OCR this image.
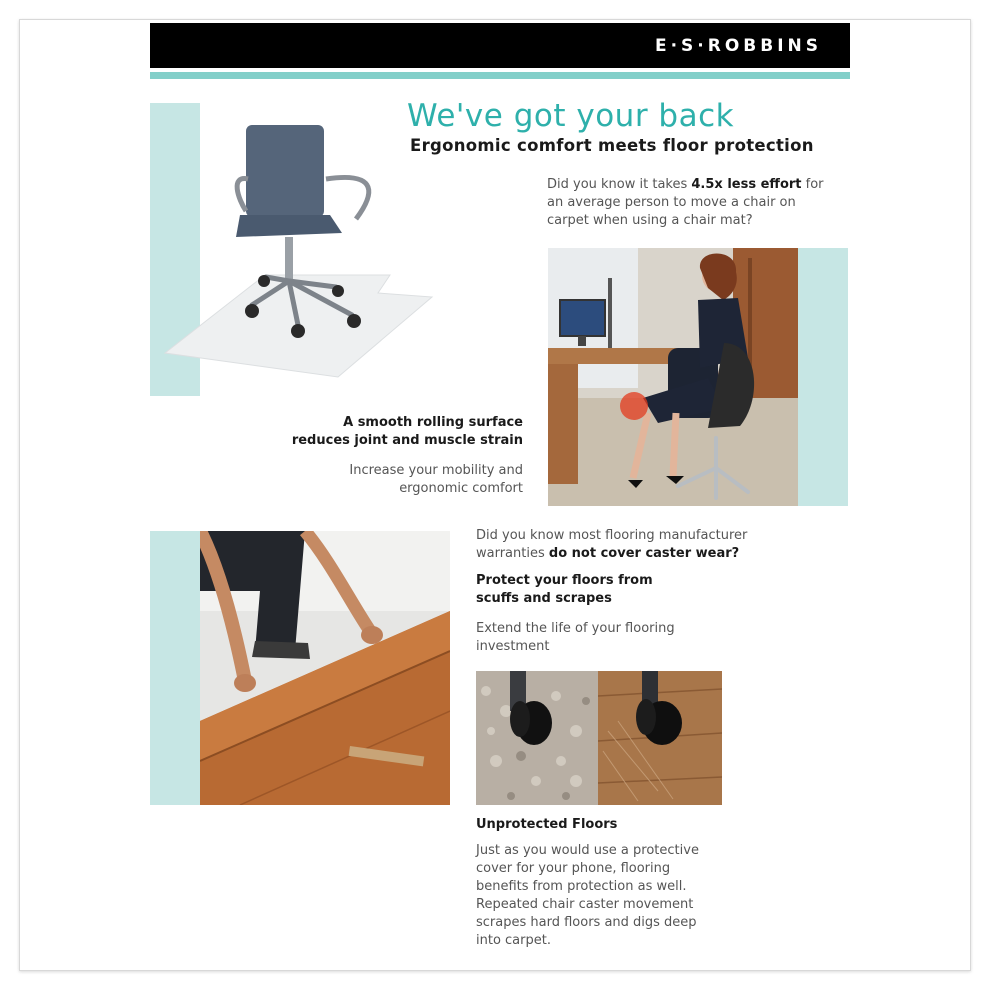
E·S·ROBBINS
We've got your back
Ergonomic comfort meets floor protection
Did you know it takes 4.5x less effort for
an average person to move a chair on
carpet when using a chair mat?
A smooth rolling surface
reduces joint and muscle strain
Increase your mobility and
ergonomic comfort
Did you know most flooring manufacturer
warranties do not cover caster wear?
Protect your floors from
scuffs and scrapes
Extend the life of your flooring
investment
Unprotected Floors
Just as you would use a protective
cover for your phone, flooring
benefits from protection as well.
Repeated chair caster movement
scrapes hard floors and digs deep
into carpet.
